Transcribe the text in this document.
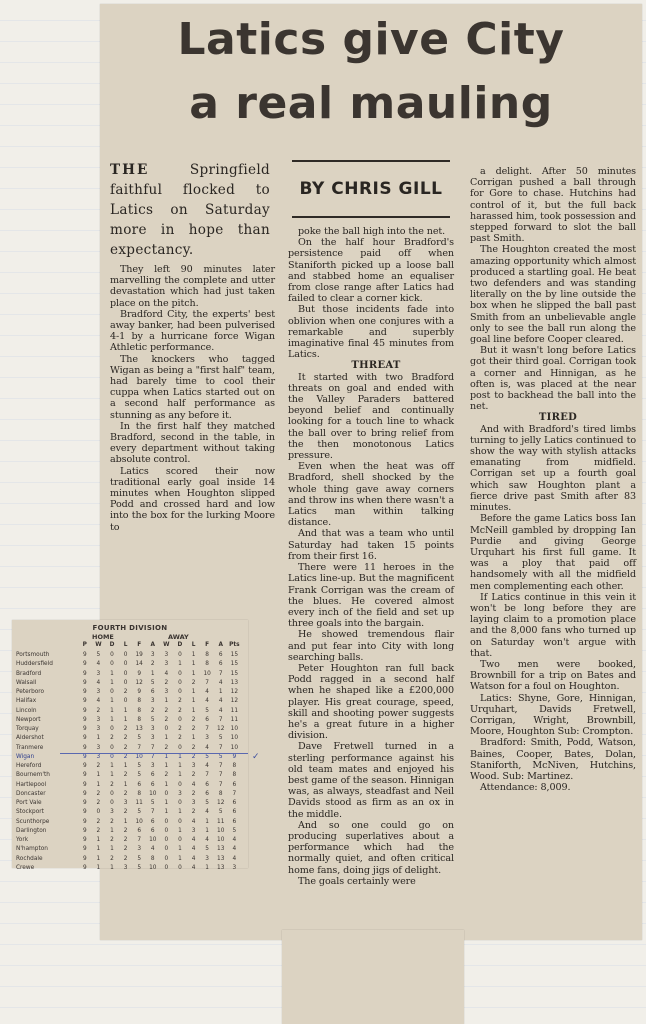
Latics give City
a real mauling
THE	Springfield faithful flocked to Latics on Saturday more in hope than expectancy.
BY CHRIS GILL

They left 90 minutes later marvelling the complete and utter devastation which had just taken place on the pitch.

Bradford City, the experts' best away banker, had been pulverised 4-1 by a hurricane force Wigan Athletic performance.

The knockers who tagged Wigan as being a "first half" team, had barely time to cool their cuppa when Latics started out on a second half performance as stunning as any before it.

In the first half they matched Bradford, second in the table, in every department without taking absolute control.

Latics scored their now traditional early goal inside 14 minutes when Houghton slipped Podd and crossed hard and low into the box for the lurking Moore to

poke the ball high into the net.

On the half hour Bradford's persistence paid off when Staniforth picked up a loose ball and stabbed home an equaliser from close range after Latics had failed to clear a corner kick.

But those incidents fade into oblivion when one conjures with a remarkable and superbly imaginative final 45 minutes from Latics.

THREAT

It started with two Bradford threats on goal and ended with the Valley Paraders battered beyond belief and continually looking for a touch line to whack the ball over to bring relief from the then monotonous Latics pressure.

Even when the heat was off Bradford, shell shocked by the whole thing gave away corners and throw ins when there wasn't a Latics man within talking distance.

And that was a team who until Saturday had taken 15 points from their first 16.

There were 11 heroes in the Latics line-up. But the magnificent Frank Corrigan was the cream of the blues. He covered almost every inch of the field and set up three goals into the bargain.

He showed tremendous flair and put fear into City with long searching balls.

Peter Houghton ran full back Podd ragged in a second half when he shaped like a £200,000 player. His great courage, speed, skill and shooting power suggests he's a great future in a higher division.

Dave Fretwell turned in a sterling performance against his old team mates and enjoyed his best game of the season. Hinnigan was, as always, steadfast and Neil Davids stood as firm as an ox in the middle.

And so one could go on producing superlatives about a performance which had the normally quiet, and often critical home fans, doing jigs of delight.

The goals certainly were

a delight. After 50 minutes Corrigan pushed a ball through for Gore to chase. Hutchins had control of it, but the full back harassed him, took possession and stepped forward to slot the ball past Smith.

The Houghton created the most amazing opportunity which almost produced a startling goal. He beat two defenders and was standing literally on the by line outside the box when he slipped the ball past Smith from an unbelievable angle only to see the ball run along the goal line before Cooper cleared.

But it wasn't long before Latics got their third goal. Corrigan took a corner and Hinnigan, as he often is, was placed at the near post to backhead the ball into the net.

TIRED

And with Bradford's tired limbs turning to jelly Latics continued to show the way with stylish attacks emanating from midfield. Corrigan set up a fourth goal which saw Houghton plant a fierce drive past Smith after 83 minutes.

Before the game Latics boss Ian McNeill gambled by dropping Ian Purdie and giving George Urquhart his first full game. It was a ploy that paid off handsomely with all the midfield men complementing each other.

If Latics continue in this vein it won't be long before they are laying claim to a promotion place and the 8,000 fans who turned up on Saturday won't argue with that.

Two men were booked, Brownbill for a trip on Bates and Watson for a foul on Houghton.

Latics: Shyne, Gore, Hinnigan, Urquhart, Davids Fretwell, Corrigan, Wright, Brownbill, Moore, Houghton Sub: Crompton.

Bradford: Smith, Podd, Watson, Baines, Cooper, Bates, Dolan, Staniforth, McNiven, Hutchins, Wood. Sub: Martinez.

Attendance: 8,009.

FOURTH DIVISION
HOME	AWAY
P	W	D	L	F	A	W	D	L	F	A	Pts
Portsmouth	9	5	0	0	19	3	3	0	1	8	6	15
Huddersfield	9	4	0	0	14	2	3	1	1	8	6	15
Bradford	9	3	1	0	9	1	4	0	1	10	7	15
Walsall	9	4	1	0	12	5	2	0	2	7	4	13
Peterboro	9	3	0	2	9	6	3	0	1	4	1	12
Halifax	9	4	1	0	8	3	1	2	1	4	4	12
Lincoln	9	2	1	1	8	2	2	2	1	5	4	11
Newport	9	3	1	1	8	5	2	0	2	6	7	11
Torquay	9	3	0	2	13	3	0	2	2	7	12	10
Aldershot	9	1	2	2	5	3	1	2	1	3	5	10
Tranmere	9	3	0	2	7	7	2	0	2	4	7	10
Wigan	9	3	0	2	10	7	1	1	2	5	5	9
Hereford	9	2	1	1	5	3	1	1	3	4	7	8
Bournem'th	9	1	1	2	5	6	2	1	2	7	7	8
Hartlepool	9	1	2	1	6	6	1	0	4	6	7	6
Doncaster	9	2	0	2	8	10	0	3	2	6	8	7
Port Vale	9	2	0	3	11	5	1	0	3	5	12	6
Stockport	9	0	3	2	5	7	1	1	2	4	5	6
Scunthorpe	9	2	2	1	10	6	0	0	4	1	11	6
Darlington	9	2	1	2	6	6	0	1	3	1	10	5
York	9	1	2	2	7	10	0	0	4	4	10	4
N'hampton	9	1	1	2	3	4	0	1	4	5	13	4
Rochdale	9	1	2	2	5	8	0	1	4	3	13	4
Crewe	9	1	1	3	5	10	0	0	4	1	13	3
✓
